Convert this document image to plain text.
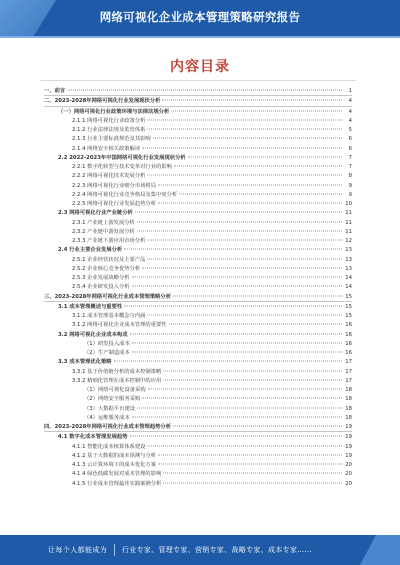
网络可视化企业成本管理策略研究报告
内容目录
一、前言	1
二、2023-2028年网络可视化行业发展现状分析	4
（一）网络可视化行业政策环境与法律法规分析	4
2.1.1 网络可视化行业政策分析	4
2.1.2 行业法律法规及监管体系	5
2.1.3 行业主要标准规范及其影响	6
2.1.4 网络安全相关政策解读	6
2.2 2022-2023年中国网络可视化行业发展现状分析	7
2.2.1 数字化转型与技术变革对行业的影响	7
2.2.2 网络可视化技术发展分析	8
2.2.3 网络可视化行业细分市场格局	9
2.2.4 网络可视化行业竞争格局及集中度分析	9
2.2.5 网络可视化行业发展趋势分析	10
2.3 网络可视化行业产业链分析	11
2.3.1 产业链上游发展分析	11
2.3.2 产业链中游发展分析	11
2.3.3 产业链下游应用市场分析	12
2.4 行业主要企业发展分析	13
2.5.1 企业经营状况及主要产品	13
2.5.2 企业核心竞争优势分析	13
2.5.3 企业发展战略分析	14
2.5.4 企业研发投入分析	14
三、2023-2028年网络可视化行业成本管理策略分析	15
3.1 成本管理概述与重要性	15
3.1.1 成本管理基本概念与内涵	15
3.1.2 网络可视化企业成本管理的重要性	16
3.2 网络可视化企业成本构成	16
（1）研发投入成本	16
（2）生产制造成本	16
3.3 成本管理优化策略	17
3.3.1 基于价值链分析的成本控制策略	17
3.3.2 精细化管理在成本控制中的应用	17
（1）网络可视化设备采购	18
（2）网络安全服务采购	18
（3）大数据平台建设	18
（4）运维服务成本	18
四、2023-2028年网络可视化行业成本管理趋势分析	19
4.1 数字化成本管理发展趋势	19
4.1.1 智能化成本核算体系建设	19
4.1.2 基于大数据的成本预测与分析	19
4.1.3 云计算环境下的成本优化方案	20
4.1.4 绿色低碳发展对成本管理的影响	20
4.1.5 行业成本管理最佳实践案例分析	20
让每个人都能成为 行业专家、管理专家、营销专家、战略专家、成本专家……
